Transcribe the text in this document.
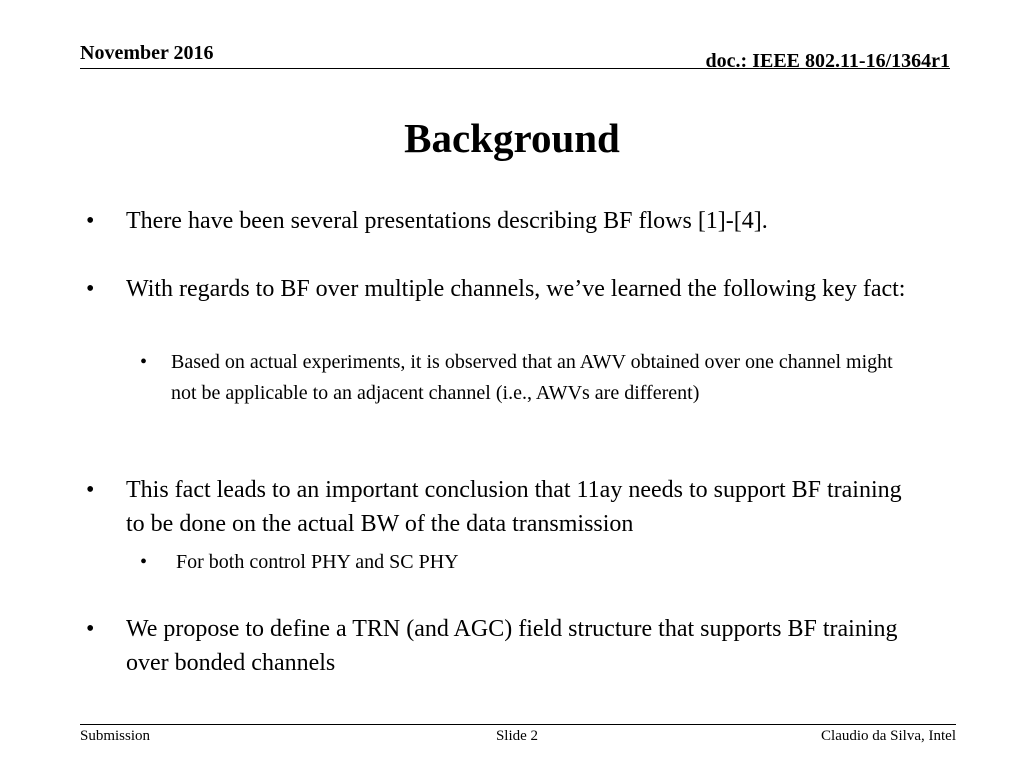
November 2016	doc.: IEEE 802.11-16/1364r1
Background
• There have been several presentations describing BF flows [1]-[4].
• With regards to BF over multiple channels, we’ve learned the following key fact:
• Based on actual experiments, it is observed that an AWV obtained over one channel might not be applicable to an adjacent channel (i.e., AWVs are different)
• This fact leads to an important conclusion that 11ay needs to support BF training to be done on the actual BW of the data transmission
• For both control PHY and SC PHY
• We propose to define a TRN (and AGC) field structure that supports BF training over bonded channels
Submission	Slide 2	Claudio da Silva, Intel
